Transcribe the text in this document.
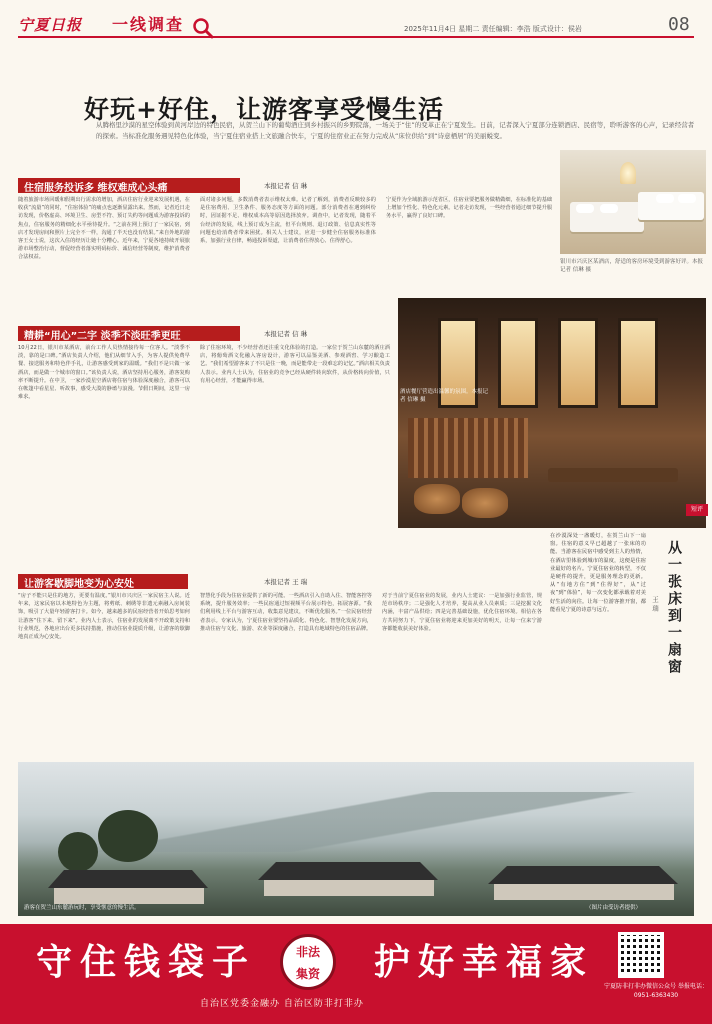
宁夏日报 一线调查	2025年11月4日 星期二 责任编辑：李浩 版式设计：侯岩	08
好玩+好住，让游客享受慢生活
从腾格里沙漠的星空体验到黄河岸边的特色民宿，从贺兰山下的葡萄酒庄到乡村振兴的乡野院落，一场关于“住”的变革正在宁夏发生。日前，记者深入宁夏部分连锁酒店、民宿等，聆听游客的心声，记录经营者的探索。当标准化服务遇见特色化体验，当宁夏住宿业搭上文旅融合快车，宁夏的住宿业正在努力完成从“床位供给”到“诗意栖居”的美丽蜕变。
住宿服务投诉多 维权难成心头痛	本报记者 信 琳
随着旅游市场回暖和假期出行需求的增加，酒店住宿行业迎来发展机遇，在收获“流量”的同时，“住宿体验”的痛点也逐渐显露出来。然而，记者近日走访发现，价格虚高、环境卫生、房型不符、预订失约等问题成为游客投诉的焦点，住宿服务的精细化水平亟待提升。“之前在网上预订了一家民宿，到店才发现房间和照片上完全不一样，沟通了半天也没有结果。”来自外地的游客王女士说，这次入住的经历让她十分糟心。近年来，宁夏各地持续开展旅游市场整治行动，督促经营者落实明码标价、诚信经营等制度，维护消费者合法权益。
面对诸多问题，多数消费者表示维权太难。记者了解到，消费者反映较多的是住宿费用、卫生条件、服务态度等方面的问题。部分消费者在遇到纠纷时，因证据不足、维权成本高等原因选择放弃。调查中，记者发现，随着平台经济的发展，线上预订成为主流，但平台规则、退订政策、信息真实性等问题也给消费者带来困扰。相关人士建议，应进一步健全住宿服务标准体系，加强行业自律，畅通投诉渠道，让消费者住得放心、住得舒心。
宁夏作为全域旅游示范省区，住宿业要把服务做精做细，在标准化的基础上增加个性化、特色化元素。记者走访发现，一些经营者通过细节提升服务水平，赢得了良好口碑。
银川市兴庆区某酒店，舒适的客房环境受到游客好评。本报记者 信琳 摄
精耕“用心”二字 淡季不淡旺季更旺	本报记者 信 琳
10月22日，银川市某酒店，前台工作人员热情接待每一位客人。“淡季不淡，靠的是口碑。”酒店负责人介绍，他们从细节入手，为客人提供免费早餐、接送服务和特色伴手礼，让游客感受到家的温暖。“我们不是只做一家酒店，而是做一个城市的窗口。”该负责人说，酒店坚持用心服务，游客复购率不断提升。在中卫，一家沙漠星空酒店将住宿与体验深度融合，游客可以在帐篷中看星星、听故事，感受大漠的静谧与浪漫。节假日期间，这里一房难求。
除了住宿环境，不少经营者还注重文化体验的打造。一家位于贺兰山东麓的酒庄酒店，将葡萄酒文化融入客房设计，游客可以品鉴美酒、参观酒窖、学习酿造工艺。“我们希望游客来了不只是住一晚，而是能带走一段难忘的记忆。”酒店相关负责人表示。业内人士认为，住宿业的竞争已经从硬件转向软件，从价格转向价值，只有用心经营，才能赢得市场。
酒店餐厅营造出温馨的氛围。本报记者 信琳 摄
让游客歇脚地变为心安处	本报记者 王 瑞
“房子不能只是住的地方，更要有温度。”银川市兴庆区一家民宿主人说。近年来，这家民宿以本地特色为主题，将剪纸、刺绣等非遗元素融入房间装饰，吸引了大量年轻游客打卡。如今，越来越多的民宿经营者开始思考如何让游客“住下来、留下来”。业内人士表示，住宿业的发展离不开政策支持和行业规范，各地应出台更多扶持措施，推动住宿业提质升级，让游客的歇脚地真正成为心安处。
智慧化手段为住宿业提供了新的可能。一些酒店引入自助入住、智能客控等系统，提升服务效率；一些民宿通过短视频平台展示特色，拓展客源。“我们利用线上平台与游客互动，收集意见建议，不断优化服务。”一位民宿经营者表示。专家认为，宁夏住宿业要坚持品质化、特色化、智慧化发展方向，推动住宿与文化、旅游、农业等深度融合，打造具有地域特色的住宿品牌。
对于当前宁夏住宿业的发展，业内人士建议：一是加强行业监管，规范市场秩序；二是强化人才培养，提高从业人员素质；三是挖掘文化内涵，丰富产品供给；四是完善基础设施，优化住宿环境。相信在各方共同努力下，宁夏住宿业将迎来更加美好的明天，让每一位来宁游客都能收获美好体验。
短评
从一张床到一扇窗
王 瑞
在沙漠深处一盏暖灯，在贺兰山下一扇窗。住宿的意义早已超越了一张床的功能。当游客在民宿中感受到主人的热情，在酒店里体验到城市的温度，这便是住宿业最好的名片。宁夏住宿业的转型，不仅是硬件的提升，更是服务理念的更新。从“有地方住”到“住得好”，从“过夜”到“体验”，每一次变化都承载着对美好生活的向往。让每一位游客推开窗，都能看见宁夏的诗意与远方。
游客在贺兰山东麓游玩时，享受惬意的慢生活。	（图片由受访者提供）
守住钱袋子	非法
集资	护好幸福家
自治区党委金融办 自治区防非打非办
宁夏防非打非办微信公众号 举报电话：0951-6363430
